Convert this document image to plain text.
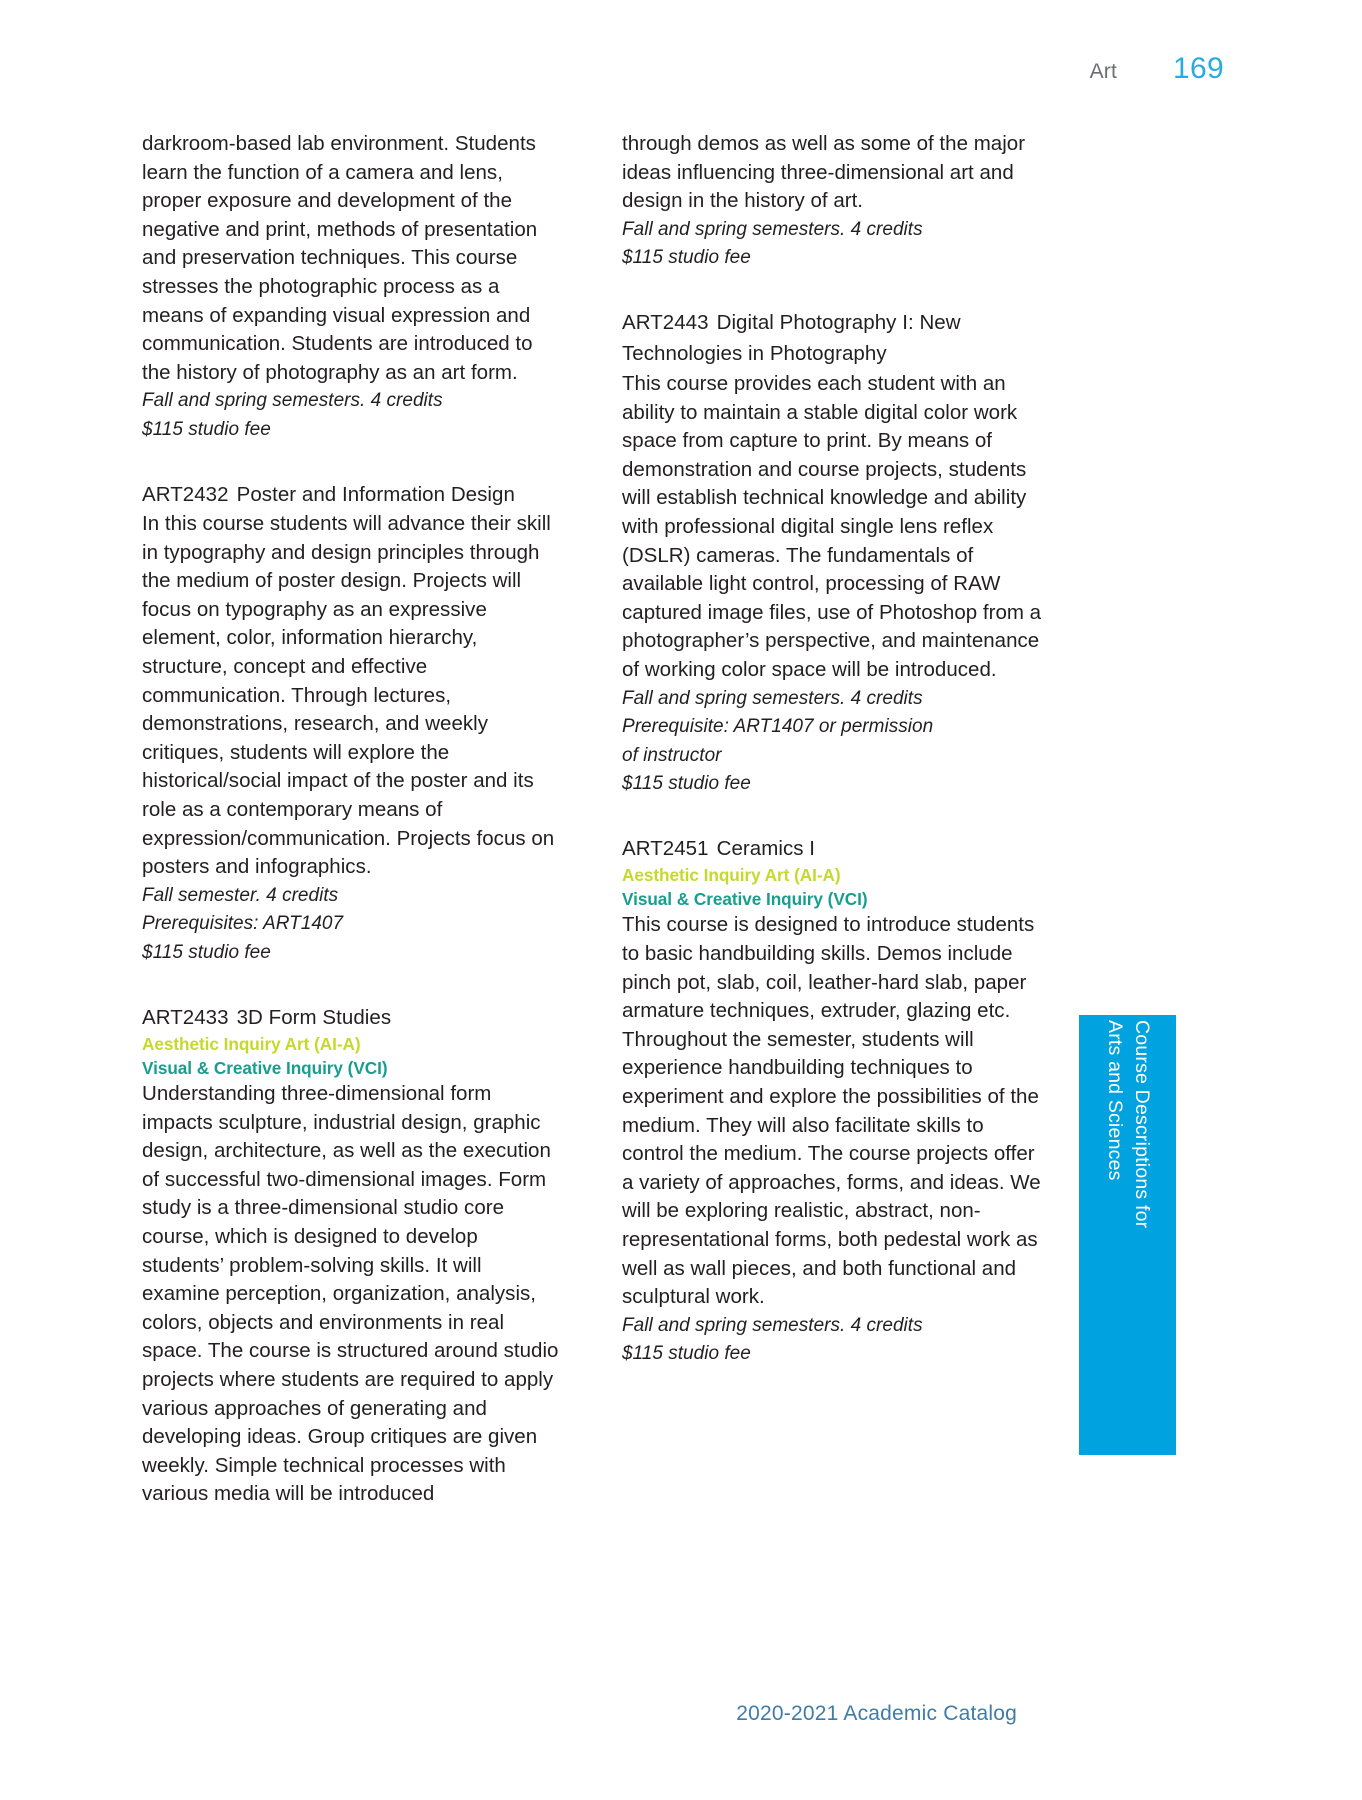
Art 169
darkroom-based lab environment. Students learn the function of a camera and lens, proper exposure and development of the negative and print, methods of presentation and preservation techniques. This course stresses the photographic process as a means of expanding visual expression and communication. Students are introduced to the history of photography as an art form.
Fall and spring semesters. 4 credits
$115 studio fee
ART2432 Poster and Information Design
In this course students will advance their skill in typography and design principles through the medium of poster design. Projects will focus on typography as an expressive element, color, information hierarchy, structure, concept and effective communication. Through lectures, demonstrations, research, and weekly critiques, students will explore the historical/social impact of the poster and its role as a contemporary means of expression/communication. Projects focus on posters and infographics.
Fall semester. 4 credits
Prerequisites: ART1407
$115 studio fee
ART2433 3D Form Studies
Aesthetic Inquiry Art (AI-A)
Visual & Creative Inquiry (VCI)
Understanding three-dimensional form impacts sculpture, industrial design, graphic design, architecture, as well as the execution of successful two-dimensional images. Form study is a three-dimensional studio core course, which is designed to develop students’ problem-solving skills. It will examine perception, organization, analysis, colors, objects and environments in real space. The course is structured around studio projects where students are required to apply various approaches of generating and developing ideas. Group critiques are given weekly. Simple technical processes with various media will be introduced
through demos as well as some of the major ideas influencing three-dimensional art and design in the history of art.
Fall and spring semesters. 4 credits
$115 studio fee
ART2443 Digital Photography I: New Technologies in Photography
This course provides each student with an ability to maintain a stable digital color work space from capture to print. By means of demonstration and course projects, students will establish technical knowledge and ability with professional digital single lens reflex (DSLR) cameras. The fundamentals of available light control, processing of RAW captured image files, use of Photoshop from a photographer’s perspective, and maintenance of working color space will be introduced.
Fall and spring semesters. 4 credits
Prerequisite: ART1407 or permission
of instructor
$115 studio fee
ART2451 Ceramics I
Aesthetic Inquiry Art (AI-A)
Visual & Creative Inquiry (VCI)
This course is designed to introduce students to basic handbuilding skills. Demos include pinch pot, slab, coil, leather-hard slab, paper armature techniques, extruder, glazing etc. Throughout the semester, students will experience handbuilding techniques to experiment and explore the possibilities of the medium. They will also facilitate skills to control the medium. The course projects offer a variety of approaches, forms, and ideas. We will be exploring realistic, abstract, non-representational forms, both pedestal work as well as wall pieces, and both functional and sculptural work.
Fall and spring semesters. 4 credits
$115 studio fee
Course Descriptions for
Arts and Sciences
2020-2021 Academic Catalog
